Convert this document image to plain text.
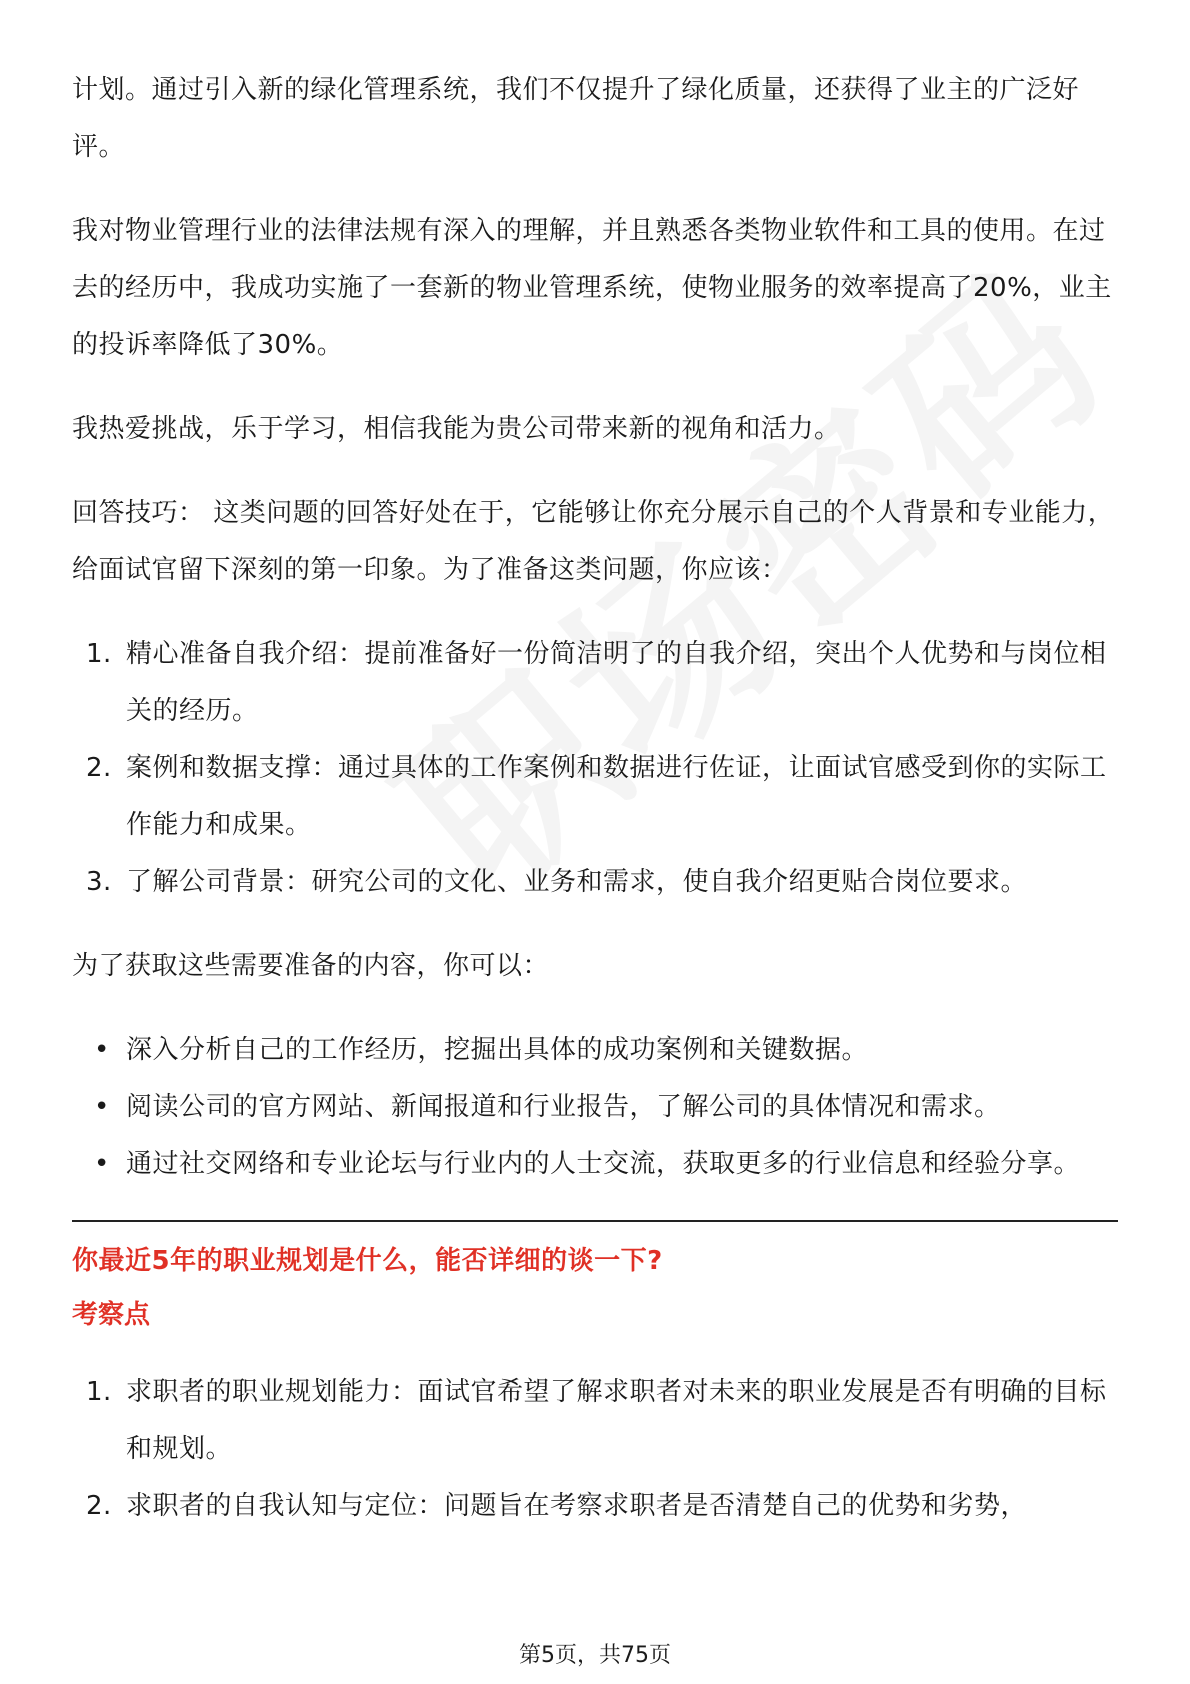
计划。通过引入新的绿化管理系统，我们不仅提升了绿化质量，还获得了业主的广泛好评。

我对物业管理行业的法律法规有深入的理解，并且熟悉各类物业软件和工具的使用。在过去的经历中，我成功实施了一套新的物业管理系统，使物业服务的效率提高了20%，业主的投诉率降低了30%。

我热爱挑战，乐于学习，相信我能为贵公司带来新的视角和活力。

回答技巧： 这类问题的回答好处在于，它能够让你充分展示自己的个人背景和专业能力，给面试官留下深刻的第一印象。为了准备这类问题，你应该：

1. 精心准备自我介绍：提前准备好一份简洁明了的自我介绍，突出个人优势和与岗位相关的经历。
2. 案例和数据支撑：通过具体的工作案例和数据进行佐证，让面试官感受到你的实际工作能力和成果。
3. 了解公司背景：研究公司的文化、业务和需求，使自我介绍更贴合岗位要求。

为了获取这些需要准备的内容，你可以：

• 深入分析自己的工作经历，挖掘出具体的成功案例和关键数据。
• 阅读公司的官方网站、新闻报道和行业报告，了解公司的具体情况和需求。
• 通过社交网络和专业论坛与行业内的人士交流，获取更多的行业信息和经验分享。

你最近5年的职业规划是什么，能否详细的谈一下?

考察点

1. 求职者的职业规划能力：面试官希望了解求职者对未来的职业发展是否有明确的目标和规划。
2. 求职者的自我认知与定位：问题旨在考察求职者是否清楚自己的优势和劣势，
第5页，共75页
